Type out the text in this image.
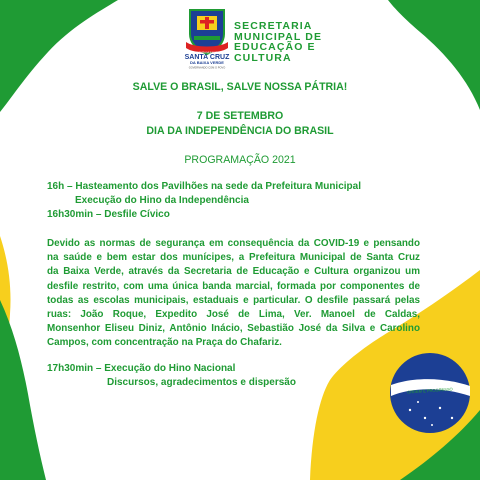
ORDEM E PROGRESSO
SANTA CRUZ
DA BAIXA VERDE
PREFEITURA MUNICIPAL DE
GOVERNANDO COM O POVO
SECRETARIA
MUNICIPAL DE
EDUCAÇÃO E
CULTURA
SALVE O BRASIL, SALVE NOSSA PÁTRIA!
7 DE SETEMBRO
DIA DA INDEPENDÊNCIA DO BRASIL
PROGRAMAÇÃO 2021
16h – Hasteamento dos Pavilhões na sede da Prefeitura Municipal
Execução do Hino da Independência
16h30min – Desfile Cívico
Devido as normas de segurança em consequência da COVID-19 e pensando
na saúde e bem estar dos munícipes, a Prefeitura Municipal de Santa Cruz
da Baixa Verde, através da Secretaria de Educação e Cultura organizou um
desfile restrito, com uma única banda marcial, formada por componentes de
todas as escolas municipais, estaduais e particular. O desfile passará pelas
ruas: João Roque, Expedito José de Lima, Ver. Manoel de Caldas,
Monsenhor Eliseu Diniz, Antônio Inácio, Sebastião José da Silva e Carolino
Campos, com concentração na Praça do Chafariz.
17h30min – Execução do Hino Nacional
Discursos, agradecimentos e dispersão
